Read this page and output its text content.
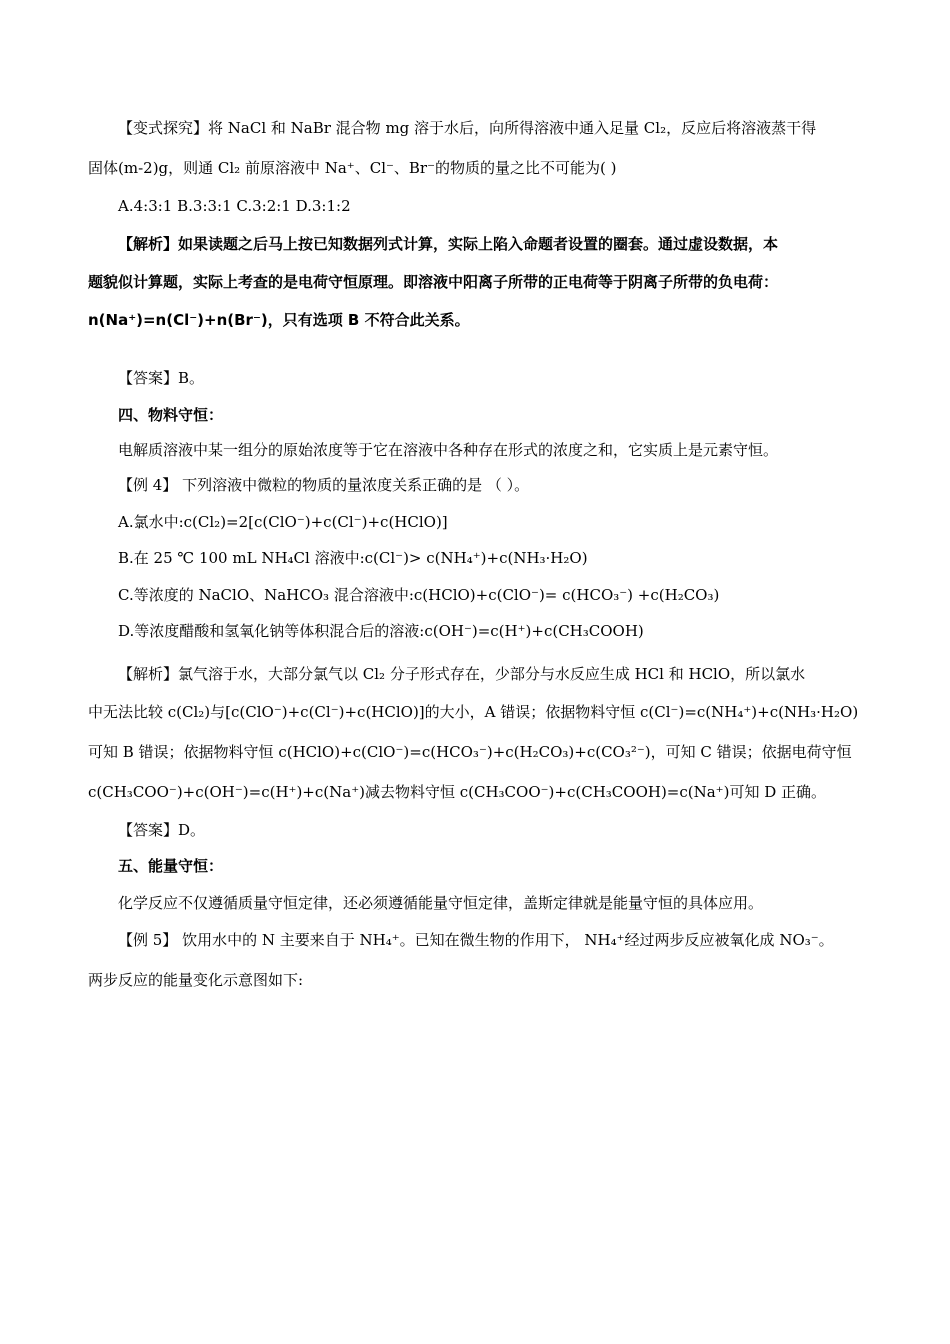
【变式探究】将 NaCl 和 NaBr 混合物 mg 溶于水后，向所得溶液中通入足量 Cl₂，反应后将溶液蒸干得
固体(m-2)g，则通 Cl₂ 前原溶液中 Na⁺、Cl⁻、Br⁻的物质的量之比不可能为( )
A.4:3:1 B.3:3:1 C.3:2:1 D.3:1:2
【解析】如果读题之后马上按已知数据列式计算，实际上陷入命题者设置的圈套。通过虚设数据，本
题貌似计算题，实际上考查的是电荷守恒原理。即溶液中阳离子所带的正电荷等于阴离子所带的负电荷：
n(Na⁺)=n(Cl⁻)+n(Br⁻)，只有选项 B 不符合此关系。
【答案】B。
四、物料守恒：
电解质溶液中某一组分的原始浓度等于它在溶液中各种存在形式的浓度之和，它实质上是元素守恒。
【例 4】 下列溶液中微粒的物质的量浓度关系正确的是 （ ）。
A.氯水中:c(Cl₂)=2[c(ClO⁻)+c(Cl⁻)+c(HClO)]
B.在 25 ℃ 100 mL NH₄Cl 溶液中:c(Cl⁻)> c(NH₄⁺)+c(NH₃·H₂O)
C.等浓度的 NaClO、NaHCO₃ 混合溶液中:c(HClO)+c(ClO⁻)= c(HCO₃⁻) +c(H₂CO₃)
D.等浓度醋酸和氢氧化钠等体积混合后的溶液:c(OH⁻)=c(H⁺)+c(CH₃COOH)
【解析】氯气溶于水，大部分氯气以 Cl₂ 分子形式存在，少部分与水反应生成 HCl 和 HClO，所以氯水
中无法比较 c(Cl₂)与[c(ClO⁻)+c(Cl⁻)+c(HClO)]的大小，A 错误；依据物料守恒 c(Cl⁻)=c(NH₄⁺)+c(NH₃·H₂O)
可知 B 错误；依据物料守恒 c(HClO)+c(ClO⁻)=c(HCO₃⁻)+c(H₂CO₃)+c(CO₃²⁻)，可知 C 错误；依据电荷守恒
c(CH₃COO⁻)+c(OH⁻)=c(H⁺)+c(Na⁺)减去物料守恒 c(CH₃COO⁻)+c(CH₃COOH)=c(Na⁺)可知 D 正确。
【答案】D。
五、能量守恒：
化学反应不仅遵循质量守恒定律，还必须遵循能量守恒定律，盖斯定律就是能量守恒的具体应用。
【例 5】 饮用水中的 N 主要来自于 NH₄⁺。已知在微生物的作用下， NH₄⁺经过两步反应被氧化成 NO₃⁻。
两步反应的能量变化示意图如下:
